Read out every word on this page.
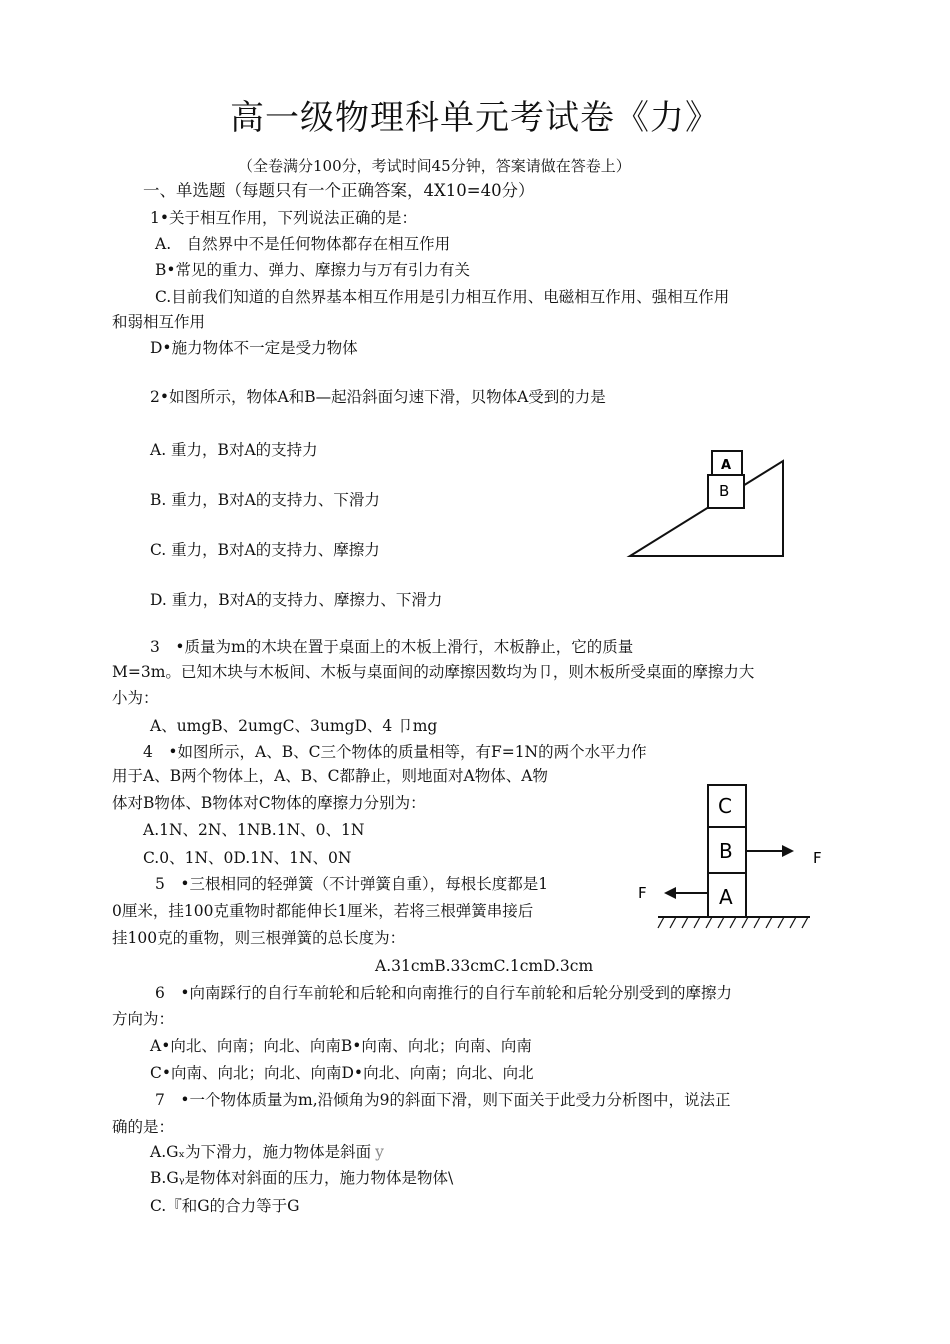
高一级物理科单元考试卷《力》
（全卷满分100分，考试时间45分钟，答案请做在答卷上）
一、单选题（每题只有一个正确答案，4X10=40分）
1•关于相互作用，下列说法正确的是：
A.　自然界中不是任何物体都存在相互作用
B•常见的重力、弹力、摩擦力与万有引力有关
C.目前我们知道的自然界基本相互作用是引力相互作用、电磁相互作用、强相互作用
和弱相互作用
D•施力物体不一定是受力物体
2•如图所示，物体A和B—起沿斜面匀速下滑，贝物体A受到的力是
A. 重力，B对A的支持力
B. 重力，B对A的支持力、下滑力
C. 重力，B对A的支持力、摩擦力
D. 重力，B对A的支持力、摩擦力、下滑力
A
B
3　•质量为m的木块在置于桌面上的木板上滑行，木板静止，它的质量
M=3m。已知木块与木板间、木板与桌面间的动摩擦因数均为卩，则木板所受桌面的摩擦力大
小为：
A、umgB、2umgC、3umgD、4 卩mg
4　•如图所示，A、B、C三个物体的质量相等，有F=1N的两个水平力作
用于A、B两个物体上，A、B、C都静止，则地面对A物体、A物
体对B物体、B物体对C物体的摩擦力分别为：
A.1N、2N、1NB.1N、0、1N
C.0、1N、0D.1N、1N、0N
C
B
A
F
F
5　•三根相同的轻弹簧（不计弹簧自重），每根长度都是1
0厘米，挂100克重物时都能伸长1厘米，若将三根弹簧串接后
挂100克的重物，则三根弹簧的总长度为：
A.31cmB.33cmC.1cmD.3cm
6　•向南踩行的自行车前轮和后轮和向南推行的自行车前轮和后轮分别受到的摩擦力
方向为：
A•向北、向南；向北、向南B•向南、向北；向南、向南
C•向南、向北；向北、向南D•向北、向南；向北、向北
7　•一个物体质量为m,沿倾角为9的斜面下滑，则下面关于此受力分析图中，说法正
确的是：
A.Gₓ为下滑力，施力物体是斜面 y
B.Gᵧ是物体对斜面的压力，施力物体是物体\
C.『和G的合力等于G
